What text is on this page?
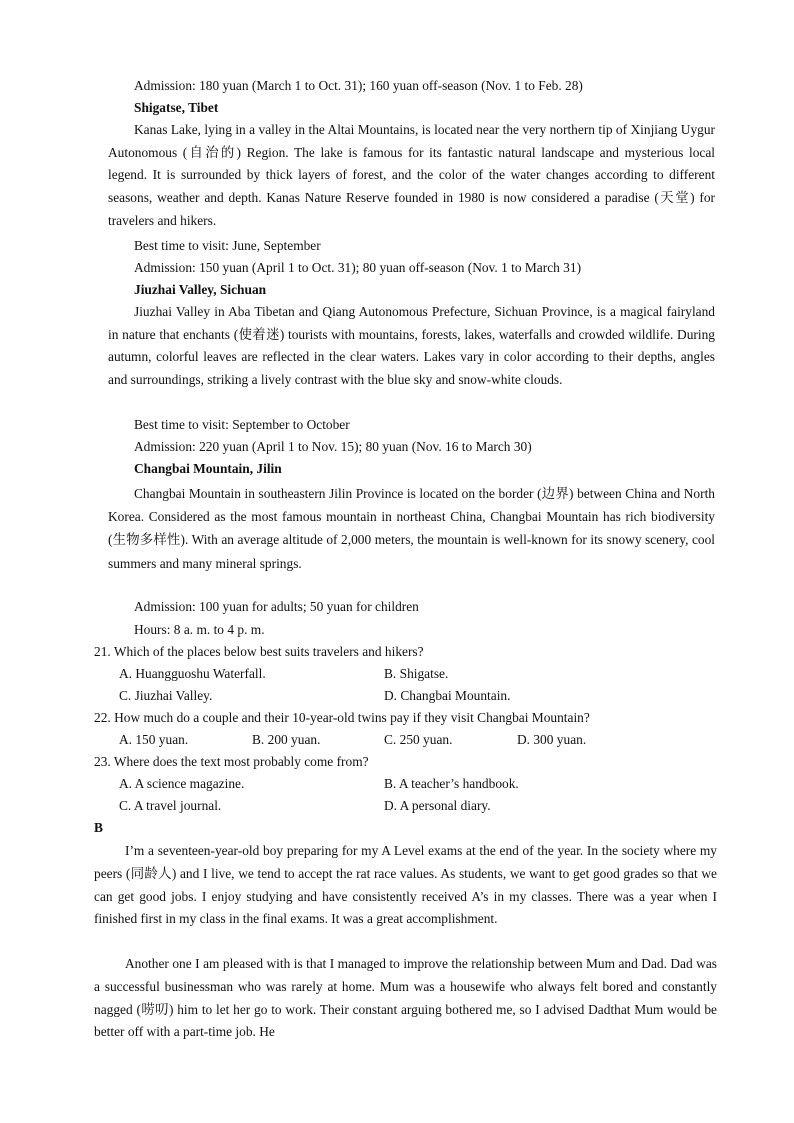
Admission: 180 yuan (March 1 to Oct. 31); 160 yuan off-season (Nov. 1 to Feb. 28)

Shigatse, Tibet

Kanas Lake, lying in a valley in the Altai Mountains, is located near the very northern tip of Xinjiang Uygur Autonomous (自治的) Region. The lake is famous for its fantastic natural landscape and mysterious local legend. It is surrounded by thick layers of forest, and the color of the water changes according to different seasons, weather and depth. Kanas Nature Reserve founded in 1980 is now considered a paradise (天堂) for travelers and hikers.

Best time to visit: June, September

Admission: 150 yuan (April 1 to Oct. 31); 80 yuan off-season (Nov. 1 to March 31)

Jiuzhai Valley, Sichuan

Jiuzhai Valley in Aba Tibetan and Qiang Autonomous Prefecture, Sichuan Province, is a magical fairyland in nature that enchants (使着迷) tourists with mountains, forests, lakes, waterfalls and crowded wildlife. During autumn, colorful leaves are reflected in the clear waters. Lakes vary in color according to their depths, angles and surroundings, striking a lively contrast with the blue sky and snow-white clouds.

Best time to visit: September to October

Admission: 220 yuan (April 1 to Nov. 15); 80 yuan (Nov. 16 to March 30)

Changbai Mountain, Jilin

Changbai Mountain in southeastern Jilin Province is located on the border (边界) between China and North Korea. Considered as the most famous mountain in northeast China, Changbai Mountain has rich biodiversity (生物多样性). With an average altitude of 2,000 meters, the mountain is well-known for its snowy scenery, cool summers and many mineral springs.

Admission: 100 yuan for adults; 50 yuan for children

Hours: 8 a. m. to 4 p. m.

21. Which of the places below best suits travelers and hikers?

A. Huangguoshu Waterfall.	B. Shigatse.

C. Jiuzhai Valley.	D. Changbai Mountain.

22. How much do a couple and their 10-year-old twins pay if they visit Changbai Mountain?

A. 150 yuan.	B. 200 yuan.	C. 250 yuan.	D. 300 yuan.

23. Where does the text most probably come from?

A. A science magazine.	B. A teacher’s handbook.

C. A travel journal.	D. A personal diary.

B

I’m a seventeen-year-old boy preparing for my A Level exams at the end of the year. In the society where my peers (同龄人) and I live, we tend to accept the rat race values. As students, we want to get good grades so that we can get good jobs. I enjoy studying and have consistently received A’s in my classes. There was a year when I finished first in my class in the final exams. It was a great accomplishment.

Another one I am pleased with is that I managed to improve the relationship between Mum and Dad. Dad was a successful businessman who was rarely at home. Mum was a housewife who always felt bored and constantly nagged (唠叨) him to let her go to work. Their constant arguing bothered me, so I advised Dadthat Mum would be better off with a part-time job. He
